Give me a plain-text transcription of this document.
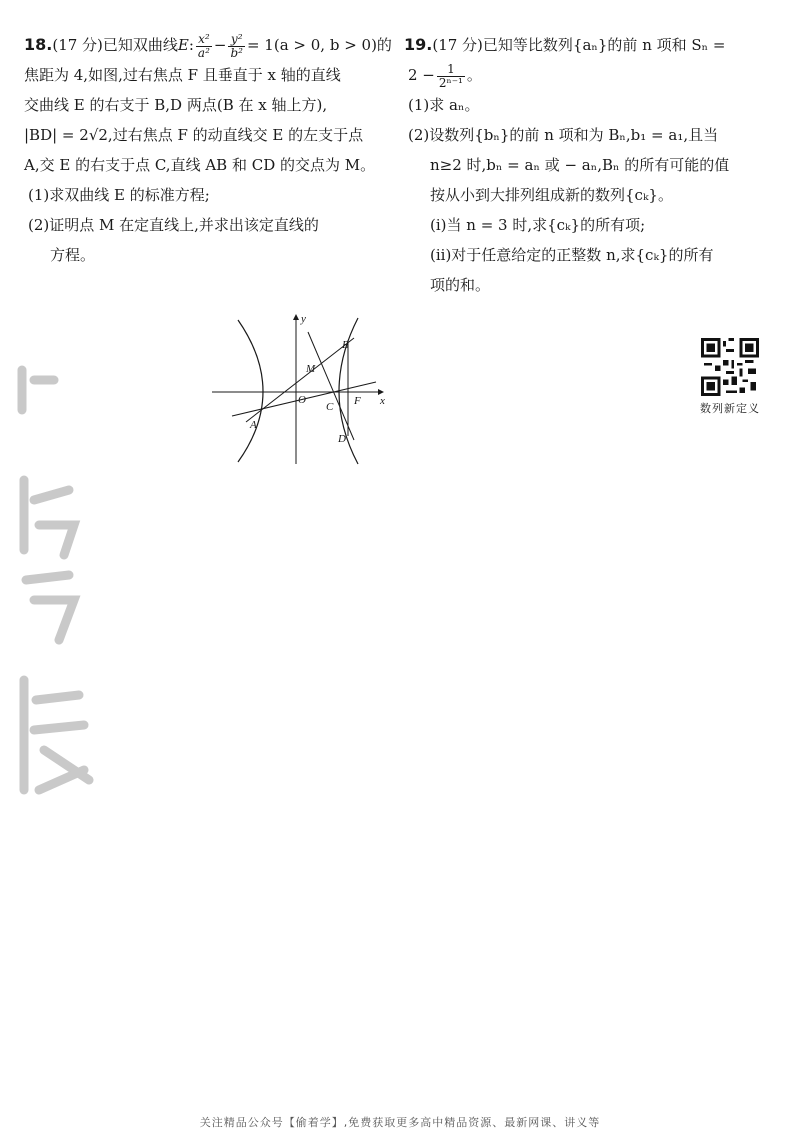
18.(17 分)已知双曲线E: $\frac{\text{x²}}{\text{a²}} - \frac{\text{y²}}{\text{b²}} = 1(a > 0$, b > 0)的

焦距为 4,如图,过右焦点 F 且垂直于 x 轴的直线

交曲线 E 的右支于 B,D 两点(B 在 x 轴上方),

|BD| = 2√2,过右焦点 F 的动直线交 E 的左支于点

A,交 E 的右支于点 C,直线 AB 和 CD 的交点为 M。

(1)求双曲线 E 的标准方程;

(2)证明点 M 在定直线上,并求出该定直线的

方程。

y
x
O
A
B
C
D
F
M

19.(17 分)已知等比数列{aₙ}的前 n 项和 Sₙ =

$2 - \frac{1}{\text{2ⁿ⁻¹}}$ 。

(1)求 aₙ。

(2)设数列{bₙ}的前 n 项和为 Bₙ,b₁ = a₁,且当

n≥2 时,bₙ = aₙ 或 − aₙ,Bₙ 的所有可能的值

按从小到大排列组成新的数列{cₖ}。

(i)当 n = 3 时,求{cₖ}的所有项;

(ii)对于任意给定的正整数 n,求{cₖ}的所有

项的和。

数列新定义
关注精品公众号【偷着学】,免费获取更多高中精品资源、最新网课、讲义等
